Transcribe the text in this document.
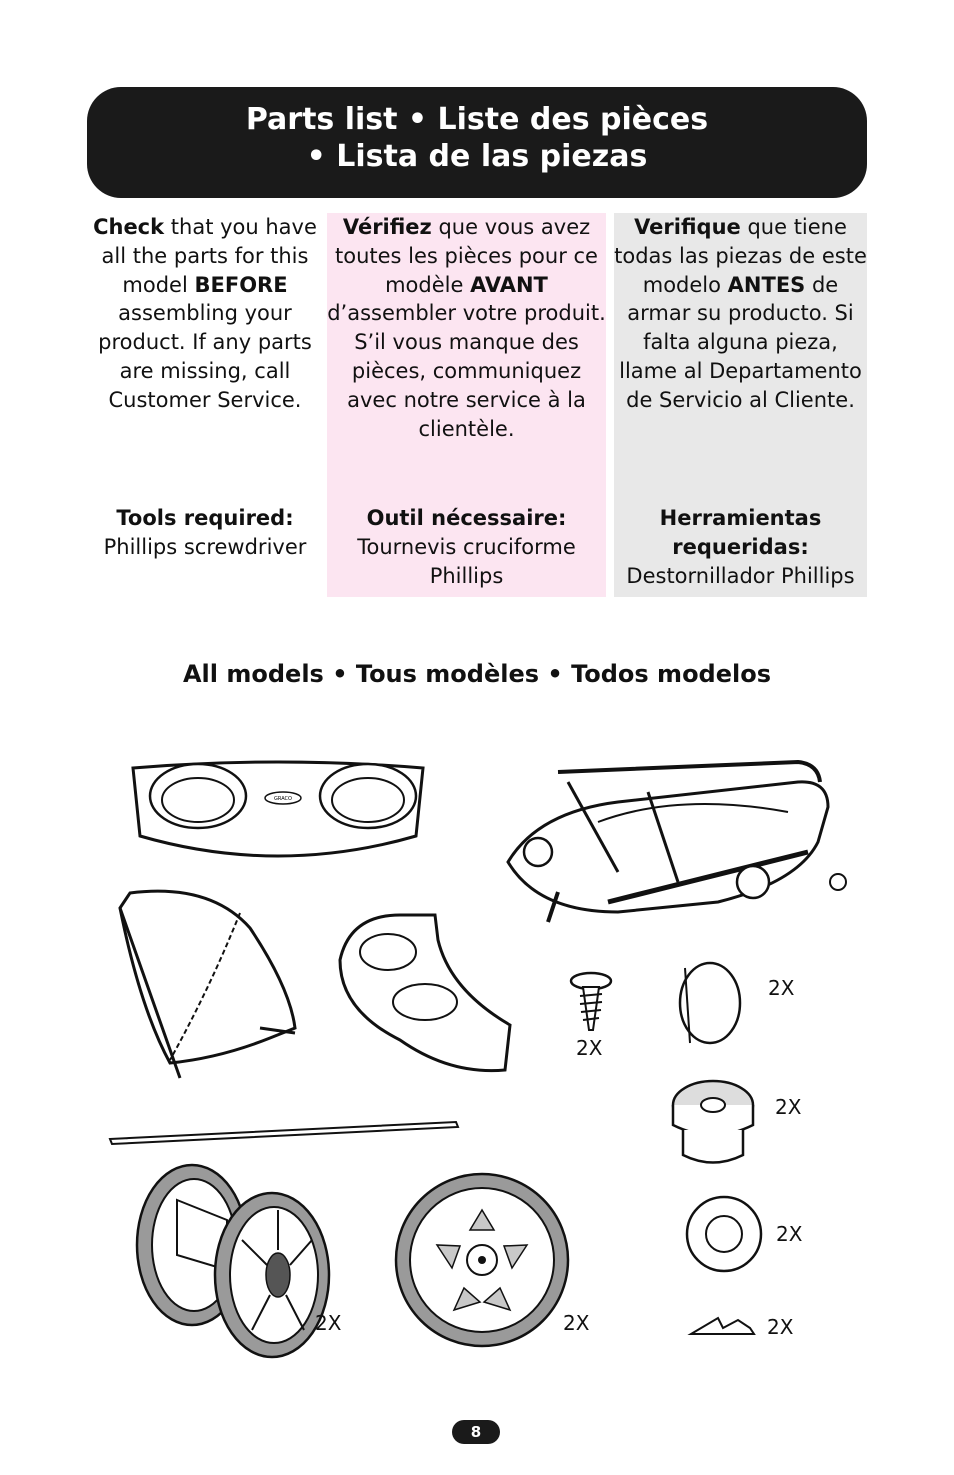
Parts list • Liste des pièces
• Lista de las piezas

Check that you have all the parts for this model BEFORE assembling your product. If any parts are missing, call Customer Service.

Tools required:

Phillips screwdriver

Vérifiez que vous avez toutes les pièces pour ce modèle AVANT d’assembler votre produit. S’il vous manque des pièces, communiquez avec notre service à la clientèle.

Outil nécessaire:

Tournevis cruciforme Phillips

Verifique que tiene todas las piezas de este modelo ANTES de armar su producto. Si falta alguna pieza, llame al Departamento de Servicio al Cliente.

Herramientas requeridas:

Destornillador Phillips

All models • Tous modèles • Todos modelos
GRACO
2X
2X
2X
2X
2X
2X	2X
8
